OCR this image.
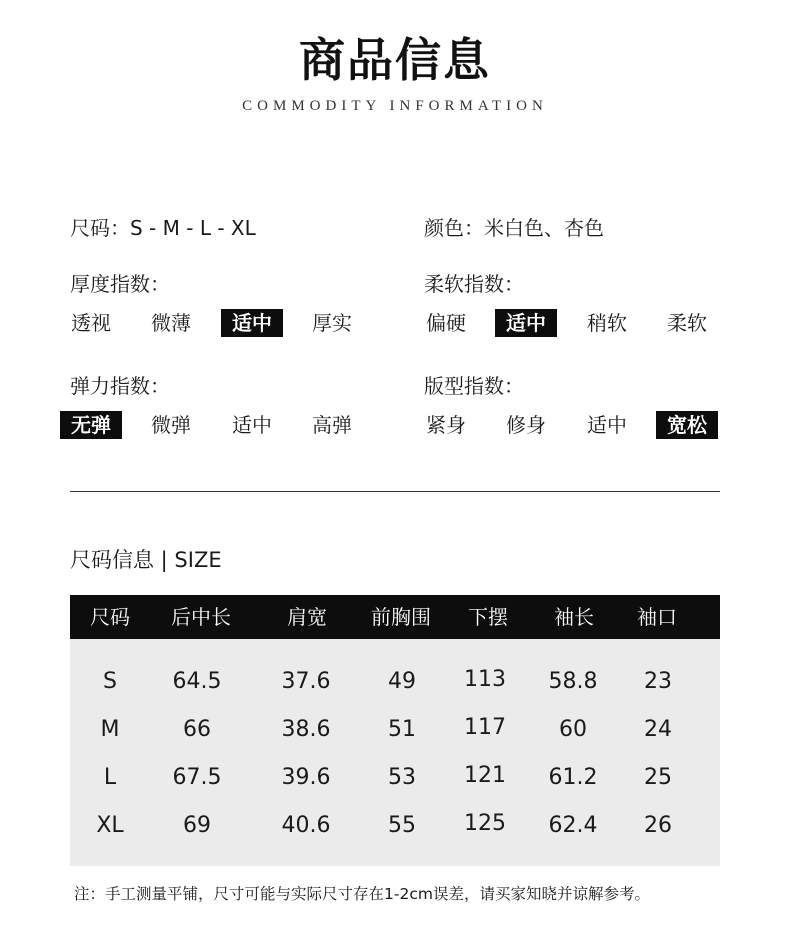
商品信息
COMMODITY INFORMATION
尺码：S - M - L - XL	颜色：米白色、杏色
厚度指数：
透视	微薄	适中	厚实
柔软指数：
偏硬	适中	稍软	柔软
弹力指数：
无弹	微弹	适中	高弹
版型指数：
紧身	修身	适中	宽松
尺码信息 | SIZE
尺码 后中长	肩宽 前胸围 下摆 袖长 袖口
S	64.5	37.6	49 113 58.8 23
M	66	38.6	51 117 60	24
L	67.5	39.6	53 121 61.2 25
XL	69	40.6	55 125 62.4 26
注：手工测量平铺，尺寸可能与实际尺寸存在1-2cm误差，请买家知晓并谅解参考。
